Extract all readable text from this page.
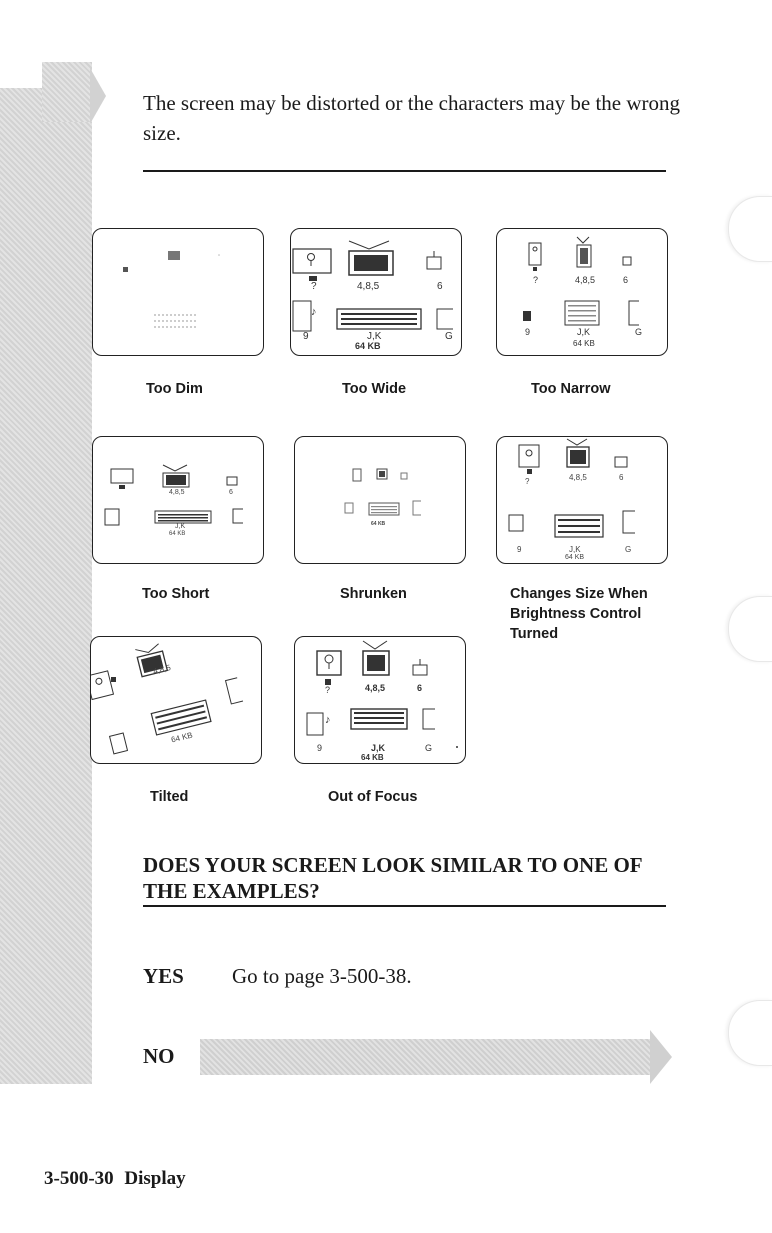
The screen may be distorted or the characters may be the wrong size.

♪
?	4,8,5	6
9	J,K	G
64 KB
?	4,8,5	6
9	J,K	G
64 KB
Too Dim	Too Wide	Too Narrow
4,8,5	6
J,K
64 KB
64 KB
?	4,8,5	6
9	J,K	G
64 KB
Too Short	Shrunken	Changes Size When Brightness Control Turned
4,8,5
64 KB
♪
?	4,8,5	6
9	J,K	G
64 KB
Tilted	Out of Focus

DOES YOUR SCREEN LOOK SIMILAR TO ONE OF THE EXAMPLES?

YES Go to page 3-500-38.
NO
3-500-30 Display
